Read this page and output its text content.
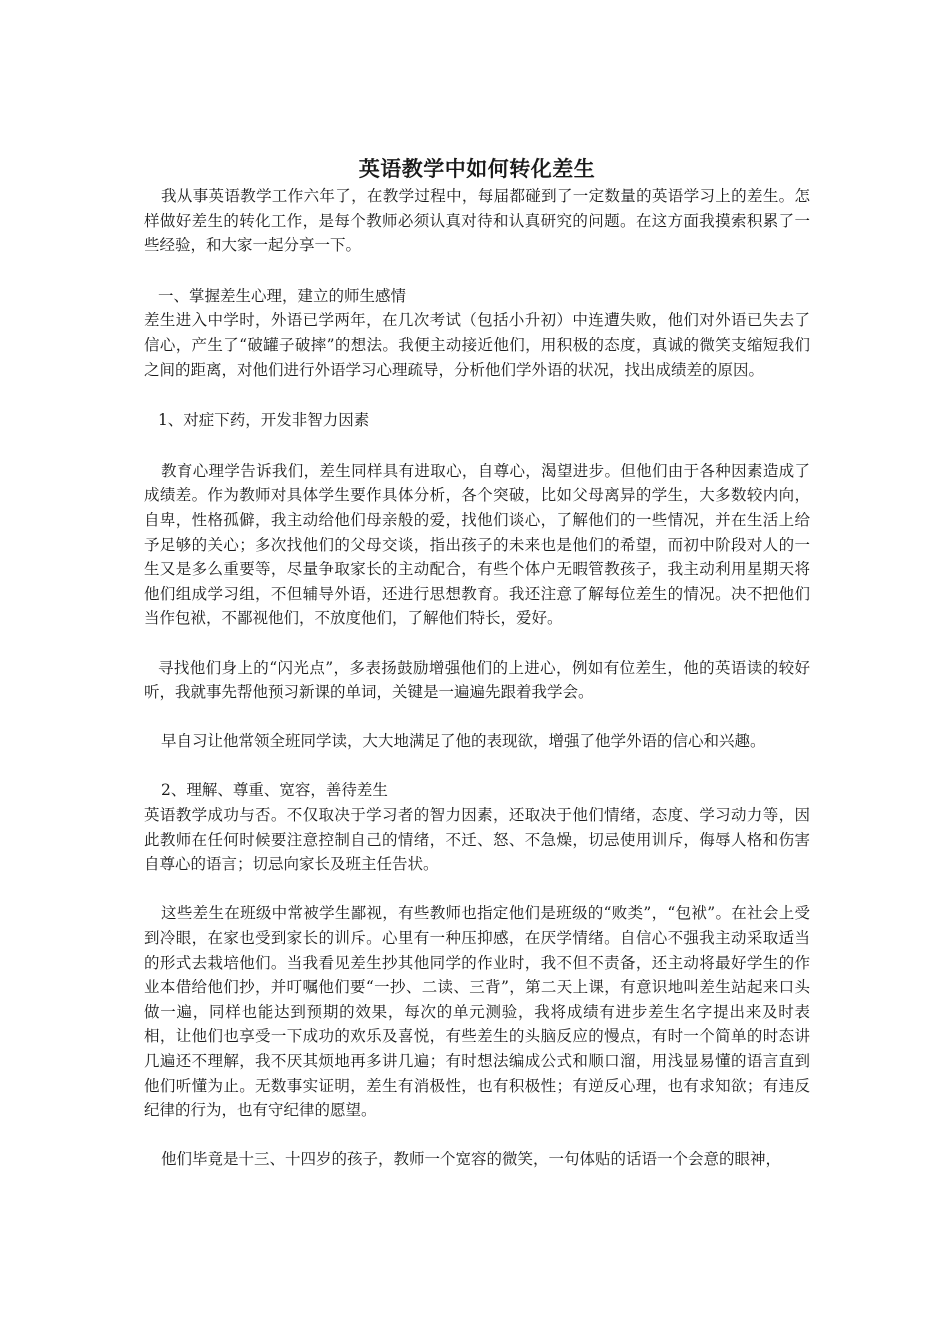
英语教学中如何转化差生

我从事英语教学工作六年了，在教学过程中，每届都碰到了一定数量的英语学习上的差生。怎样做好差生的转化工作，是每个教师必须认真对待和认真研究的问题。在这方面我摸索积累了一些经验，和大家一起分享一下。

一、掌握差生心理，建立的师生感情

差生进入中学时，外语已学两年，在几次考试（包括小升初）中连遭失败，他们对外语已失去了信心，产生了“破罐子破摔”的想法。我便主动接近他们，用积极的态度，真诚的微笑支缩短我们之间的距离，对他们进行外语学习心理疏导，分析他们学外语的状况，找出成绩差的原因。

1、对症下药，开发非智力因素

教育心理学告诉我们，差生同样具有进取心，自尊心，渴望进步。但他们由于各种因素造成了成绩差。作为教师对具体学生要作具体分析，各个突破，比如父母离异的学生，大多数较内向，自卑，性格孤僻，我主动给他们母亲般的爱，找他们谈心，了解他们的一些情况，并在生活上给予足够的关心；多次找他们的父母交谈，指出孩子的未来也是他们的希望，而初中阶段对人的一生又是多么重要等，尽量争取家长的主动配合，有些个体户无暇管教孩子，我主动利用星期天将他们组成学习组，不但辅导外语，还进行思想教育。我还注意了解每位差生的情况。决不把他们当作包袱，不鄙视他们，不放度他们，了解他们特长，爱好。

寻找他们身上的“闪光点”，多表扬鼓励增强他们的上进心，例如有位差生，他的英语读的较好听，我就事先帮他预习新课的单词，关键是一遍遍先跟着我学会。

早自习让他常领全班同学读，大大地满足了他的表现欲，增强了他学外语的信心和兴趣。

2、理解、尊重、宽容，善待差生

英语教学成功与否。不仅取决于学习者的智力因素，还取决于他们情绪，态度、学习动力等，因此教师在任何时候要注意控制自己的情绪，不迁、怒、不急燥，切忌使用训斥，侮辱人格和伤害自尊心的语言；切忌向家长及班主任告状。

这些差生在班级中常被学生鄙视，有些教师也指定他们是班级的“败类”，“包袱”。在社会上受到冷眼，在家也受到家长的训斥。心里有一种压抑感，在厌学情绪。自信心不强我主动采取适当的形式去栽培他们。当我看见差生抄其他同学的作业时，我不但不责备，还主动将最好学生的作业本借给他们抄，并叮嘱他们要“一抄、二读、三背”，第二天上课，有意识地叫差生站起来口头做一遍，同样也能达到预期的效果，每次的单元测验，我将成绩有进步差生名字提出来及时表相，让他们也享受一下成功的欢乐及喜悦，有些差生的头脑反应的慢点，有时一个简单的时态讲几遍还不理解，我不厌其烦地再多讲几遍；有时想法编成公式和顺口溜，用浅显易懂的语言直到他们听懂为止。无数事实证明，差生有消极性，也有积极性；有逆反心理，也有求知欲；有违反纪律的行为，也有守纪律的愿望。

他们毕竟是十三、十四岁的孩子，教师一个宽容的微笑，一句体贴的话语一个会意的眼神，
